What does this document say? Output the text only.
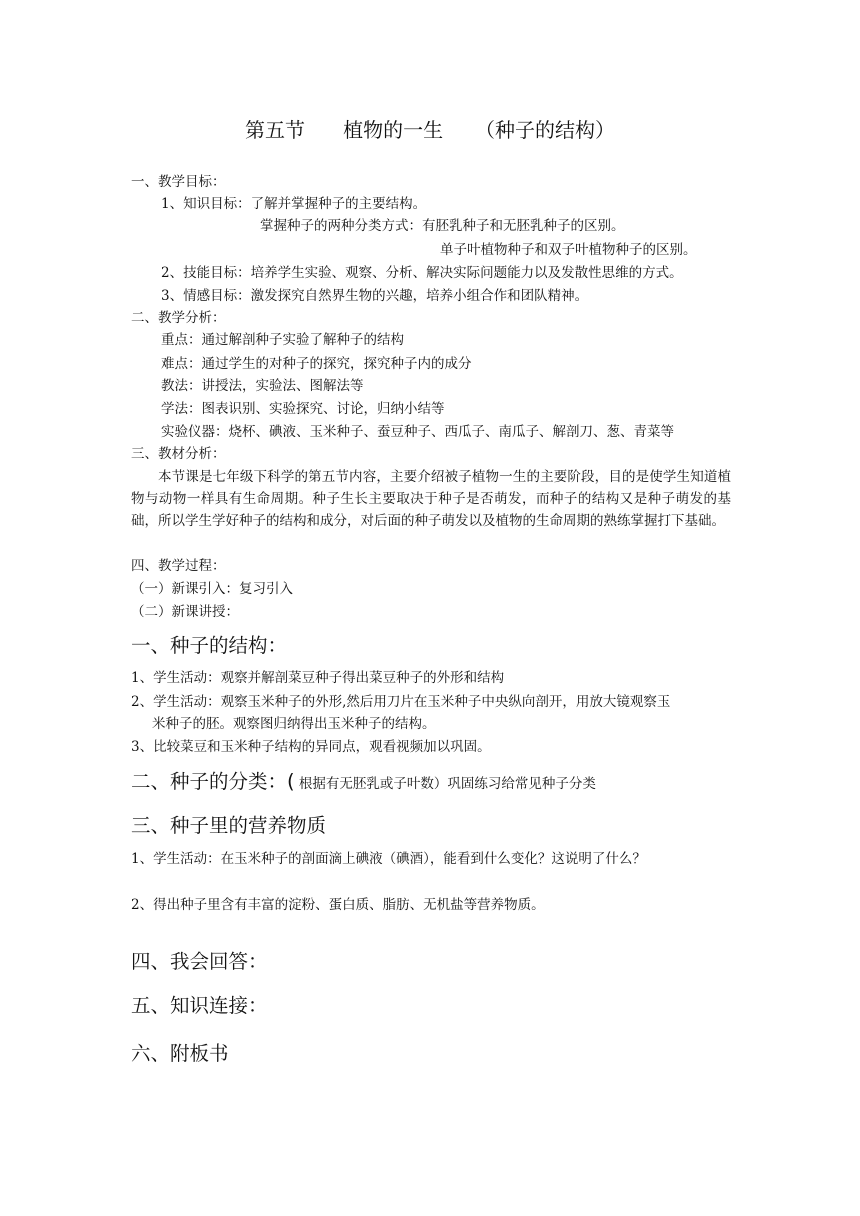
第五节      植物的一生     （种子的结构）
一、教学目标：
1、知识目标：了解并掌握种子的主要结构。
掌握种子的两种分类方式：有胚乳种子和无胚乳种子的区别。
单子叶植物种子和双子叶植物种子的区别。
2、技能目标：培养学生实验、观察、分析、解决实际问题能力以及发散性思维的方式。
3、情感目标：激发探究自然界生物的兴趣，培养小组合作和团队精神。
二、教学分析：
重点：通过解剖种子实验了解种子的结构
难点：通过学生的对种子的探究，探究种子内的成分
教法：讲授法，实验法、图解法等
学法：图表识别、实验探究、讨论，归纳小结等
实验仪器：烧杯、碘液、玉米种子、蚕豆种子、西瓜子、南瓜子、解剖刀、葱、青菜等
三、教材分析：
本节课是七年级下科学的第五节内容，主要介绍被子植物一生的主要阶段，目的是使学生知道植物与动物一样具有生命周期。种子生长主要取决于种子是否萌发，而种子的结构又是种子萌发的基础，所以学生学好种子的结构和成分，对后面的种子萌发以及植物的生命周期的熟练掌握打下基础。
四、教学过程：
（一）新课引入：复习引入
（二）新课讲授：
一、种子的结构：
1、学生活动：观察并解剖菜豆种子得出菜豆种子的外形和结构
2、学生活动：观察玉米种子的外形,然后用刀片在玉米种子中央纵向剖开，用放大镜观察玉
米种子的胚。观察图归纳得出玉米种子的结构。
3、比较菜豆和玉米种子结构的异同点，观看视频加以巩固。
二、种子的分类：( 根据有无胚乳或子叶数）巩固练习给常见种子分类
三、种子里的营养物质
1、学生活动：在玉米种子的剖面滴上碘液（碘酒），能看到什么变化？这说明了什么？
2、得出种子里含有丰富的淀粉、蛋白质、脂肪、无机盐等营养物质。
四、我会回答：
五、知识连接：
六、附板书
